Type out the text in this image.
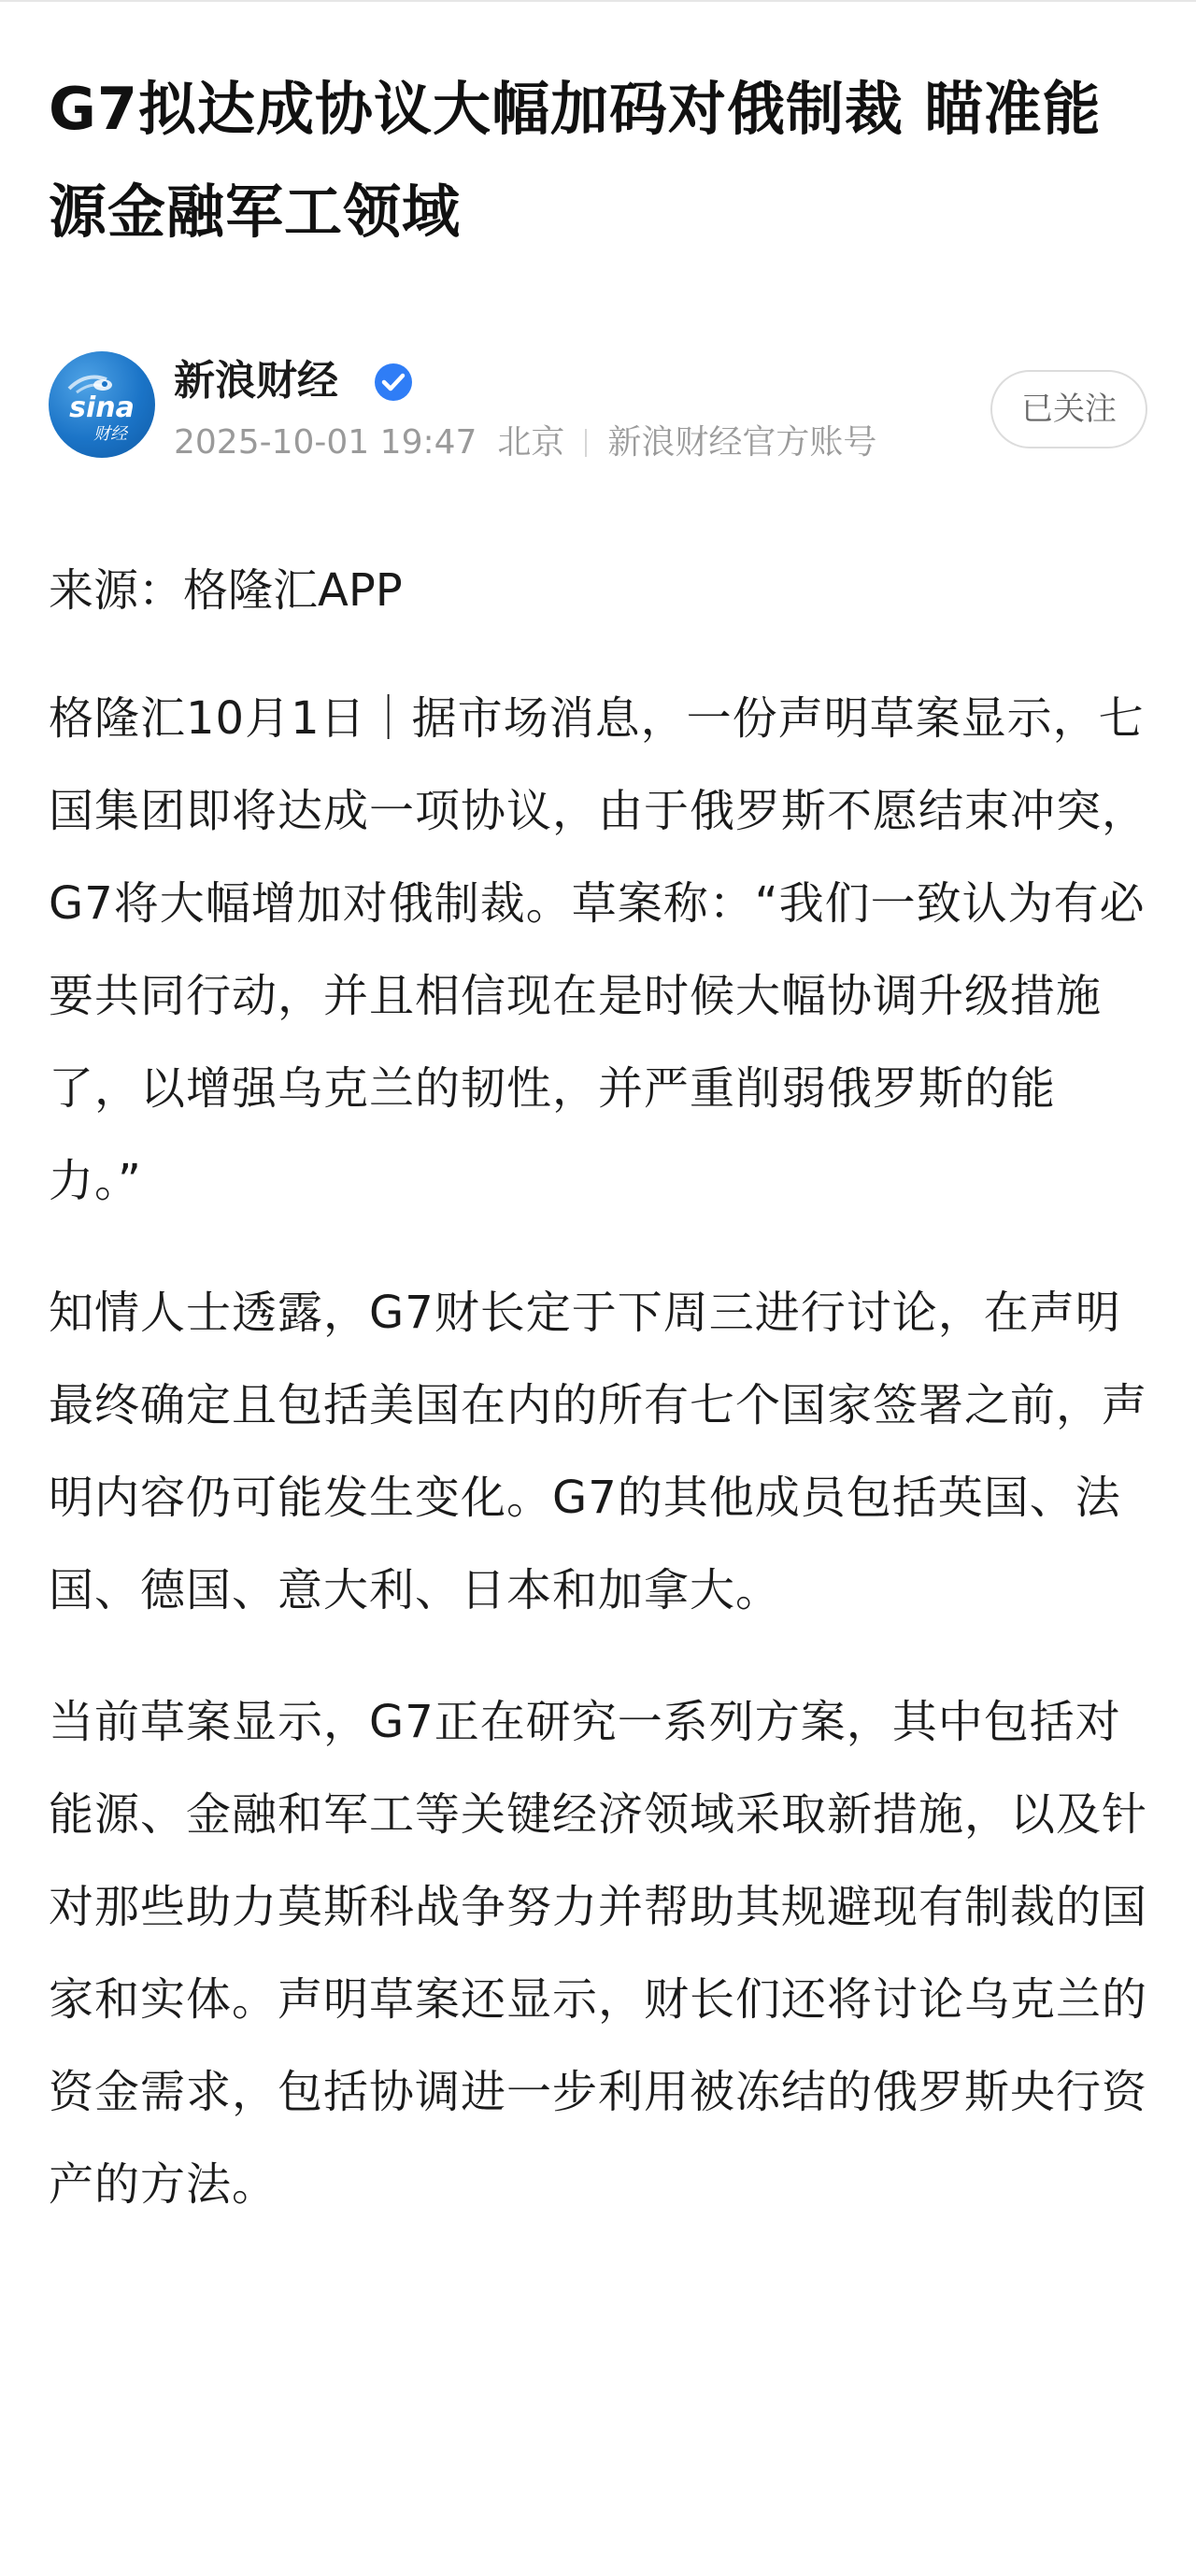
G7拟达成协议大幅加码对俄制裁 瞄准能源金融军工领域
sina
财经
新浪财经
2025-10-01 19:47 北京 新浪财经官方账号
已关注

来源：格隆汇APP

格隆汇10月1日｜据市场消息，一份声明草案显示，七国集团即将达成一项协议，由于俄罗斯不愿结束冲突，G7将大幅增加对俄制裁。草案称：“我们一致认为有必要共同行动，并且相信现在是时候大幅协调升级措施了，以增强乌克兰的韧性，并严重削弱俄罗斯的能力。”

知情人士透露，G7财长定于下周三进行讨论，在声明最终确定且包括美国在内的所有七个国家签署之前，声明内容仍可能发生变化。G7的其他成员包括英国、法国、德国、意大利、日本和加拿大。

当前草案显示，G7正在研究一系列方案，其中包括对能源、金融和军工等关键经济领域采取新措施，以及针对那些助力莫斯科战争努力并帮助其规避现有制裁的国家和实体。声明草案还显示，财长们还将讨论乌克兰的资金需求，包括协调进一步利用被冻结的俄罗斯央行资产的方法。
